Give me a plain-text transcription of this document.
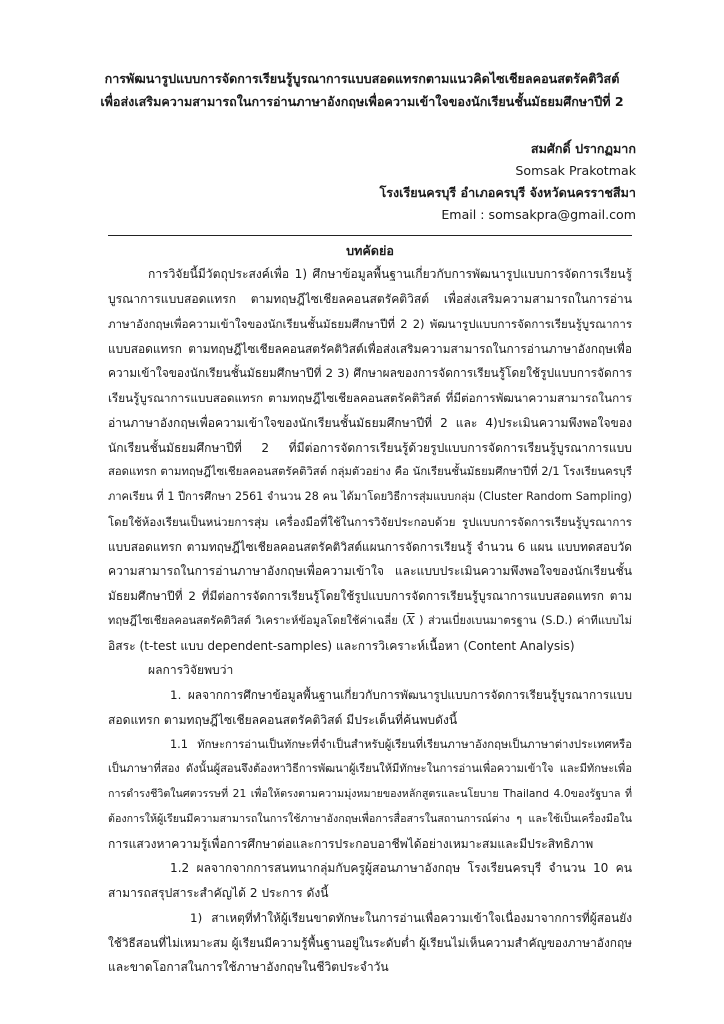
การพัฒนารูปแบบการจัดการเรียนรู้บูรณาการแบบสอดแทรกตามแนวคิดไซเชียลคอนสตรัคติวิสต์
เพื่อส่งเสริมความสามารถในการอ่านภาษาอังกฤษเพื่อความเข้าใจของนักเรียนชั้นมัธยมศึกษาปีที่ 2
สมศักดิ์ ปรากฏมาก
Somsak Prakotmak
โรงเรียนครบุรี อำเภอครบุรี จังหวัดนครราชสีมา
Email : somsakpra@gmail.com
บทคัดย่อ
การวิจัยนี้มีวัตถุประสงค์เพื่อ 1) ศึกษาข้อมูลพื้นฐานเกี่ยวกับการพัฒนารูปแบบการจัดการเรียนรู้
บูรณาการแบบสอดแทรก ตามทฤษฎีไซเชียลคอนสตรัคติวิสต์ เพื่อส่งเสริมความสามารถในการอ่าน
ภาษาอังกฤษเพื่อความเข้าใจของนักเรียนชั้นมัธยมศึกษาปีที่ 2 2) พัฒนารูปแบบการจัดการเรียนรู้บูรณาการ
แบบสอดแทรก ตามทฤษฎีไซเชียลคอนสตรัคติวิสต์เพื่อส่งเสริมความสามารถในการอ่านภาษาอังกฤษเพื่อ
ความเข้าใจของนักเรียนชั้นมัธยมศึกษาปีที่ 2 3) ศึกษาผลของการจัดการเรียนรู้โดยใช้รูปแบบการจัดการ
เรียนรู้บูรณาการแบบสอดแทรก ตามทฤษฎีไซเชียลคอนสตรัคติวิสต์ ที่มีต่อการพัฒนาความสามารถในการ
อ่านภาษาอังกฤษเพื่อความเข้าใจของนักเรียนชั้นมัธยมศึกษาปีที่ 2 และ 4)ประเมินความพึงพอใจของ
นักเรียนชั้นมัธยมศึกษาปีที่ 2 ที่มีต่อการจัดการเรียนรู้ด้วยรูปแบบการจัดการเรียนรู้บูรณาการแบบ
สอดแทรก ตามทฤษฎีไซเชียลคอนสตรัคติวิสต์ กลุ่มตัวอย่าง คือ นักเรียนชั้นมัธยมศึกษาปีที่ 2/1 โรงเรียนครบุรี
ภาคเรียน ที่ 1 ปีการศึกษา 2561 จำนวน 28 คน ได้มาโดยวิธีการสุ่มแบบกลุ่ม (Cluster Random Sampling)
โดยใช้ห้องเรียนเป็นหน่วยการสุ่ม เครื่องมือที่ใช้ในการวิจัยประกอบด้วย รูปแบบการจัดการเรียนรู้บูรณาการ
แบบสอดแทรก ตามทฤษฎีไซเชียลคอนสตรัคติวิสต์แผนการจัดการเรียนรู้ จำนวน 6 แผน แบบทดสอบวัด
ความสามารถในการอ่านภาษาอังกฤษเพื่อความเข้าใจ และแบบประเมินความพึงพอใจของนักเรียนชั้น
มัธยมศึกษาปีที่ 2 ที่มีต่อการจัดการเรียนรู้โดยใช้รูปแบบการจัดการเรียนรู้บูรณาการแบบสอดแทรก ตาม
ทฤษฎีไซเชียลคอนสตรัคติวิสต์ วิเคราะห์ข้อมูลโดยใช้ค่าเฉลี่ย ($\overline{X}$ ) ส่วนเบี่ยงเบนมาตรฐาน (S.D.) ค่าทีแบบไม่
อิสระ (t-test แบบ dependent-samples) และการวิเคราะห์เนื้อหา (Content Analysis)
ผลการวิจัยพบว่า
1. ผลจากการศึกษาข้อมูลพื้นฐานเกี่ยวกับการพัฒนารูปแบบการจัดการเรียนรู้บูรณาการแบบ
สอดแทรก ตามทฤษฎีไซเชียลคอนสตรัคติวิสต์ มีประเด็นที่ค้นพบดังนี้
1.1 ทักษะการอ่านเป็นทักษะที่จำเป็นสำหรับผู้เรียนที่เรียนภาษาอังกฤษเป็นภาษาต่างประเทศหรือ
เป็นภาษาที่สอง ดังนั้นผู้สอนจึงต้องหาวิธีการพัฒนาผู้เรียนให้มีทักษะในการอ่านเพื่อความเข้าใจ และมีทักษะเพื่อ
การดำรงชีวิตในศตวรรษที่ 21 เพื่อให้ตรงตามความมุ่งหมายของหลักสูตรและนโยบาย Thailand 4.0ของรัฐบาล ที่
ต้องการให้ผู้เรียนมีความสามารถในการใช้ภาษาอังกฤษเพื่อการสื่อสารในสถานการณ์ต่าง ๆ และใช้เป็นเครื่องมือใน
การแสวงหาความรู้เพื่อการศึกษาต่อและการประกอบอาชีพได้อย่างเหมาะสมและมีประสิทธิภาพ
1.2 ผลจากจากการสนทนากลุ่มกับครูผู้สอนภาษาอังกฤษ โรงเรียนครบุรี จำนวน 10 คน
สามารถสรุปสาระสำคัญได้ 2 ประการ ดังนี้
1) สาเหตุที่ทำให้ผู้เรียนขาดทักษะในการอ่านเพื่อความเข้าใจเนื่องมาจากการที่ผู้สอนยัง
ใช้วิธีสอนที่ไม่เหมาะสม ผู้เรียนมีความรู้พื้นฐานอยู่ในระดับต่ำ ผู้เรียนไม่เห็นความสำคัญของภาษาอังกฤษ
และขาดโอกาสในการใช้ภาษาอังกฤษในชีวิตประจำวัน
